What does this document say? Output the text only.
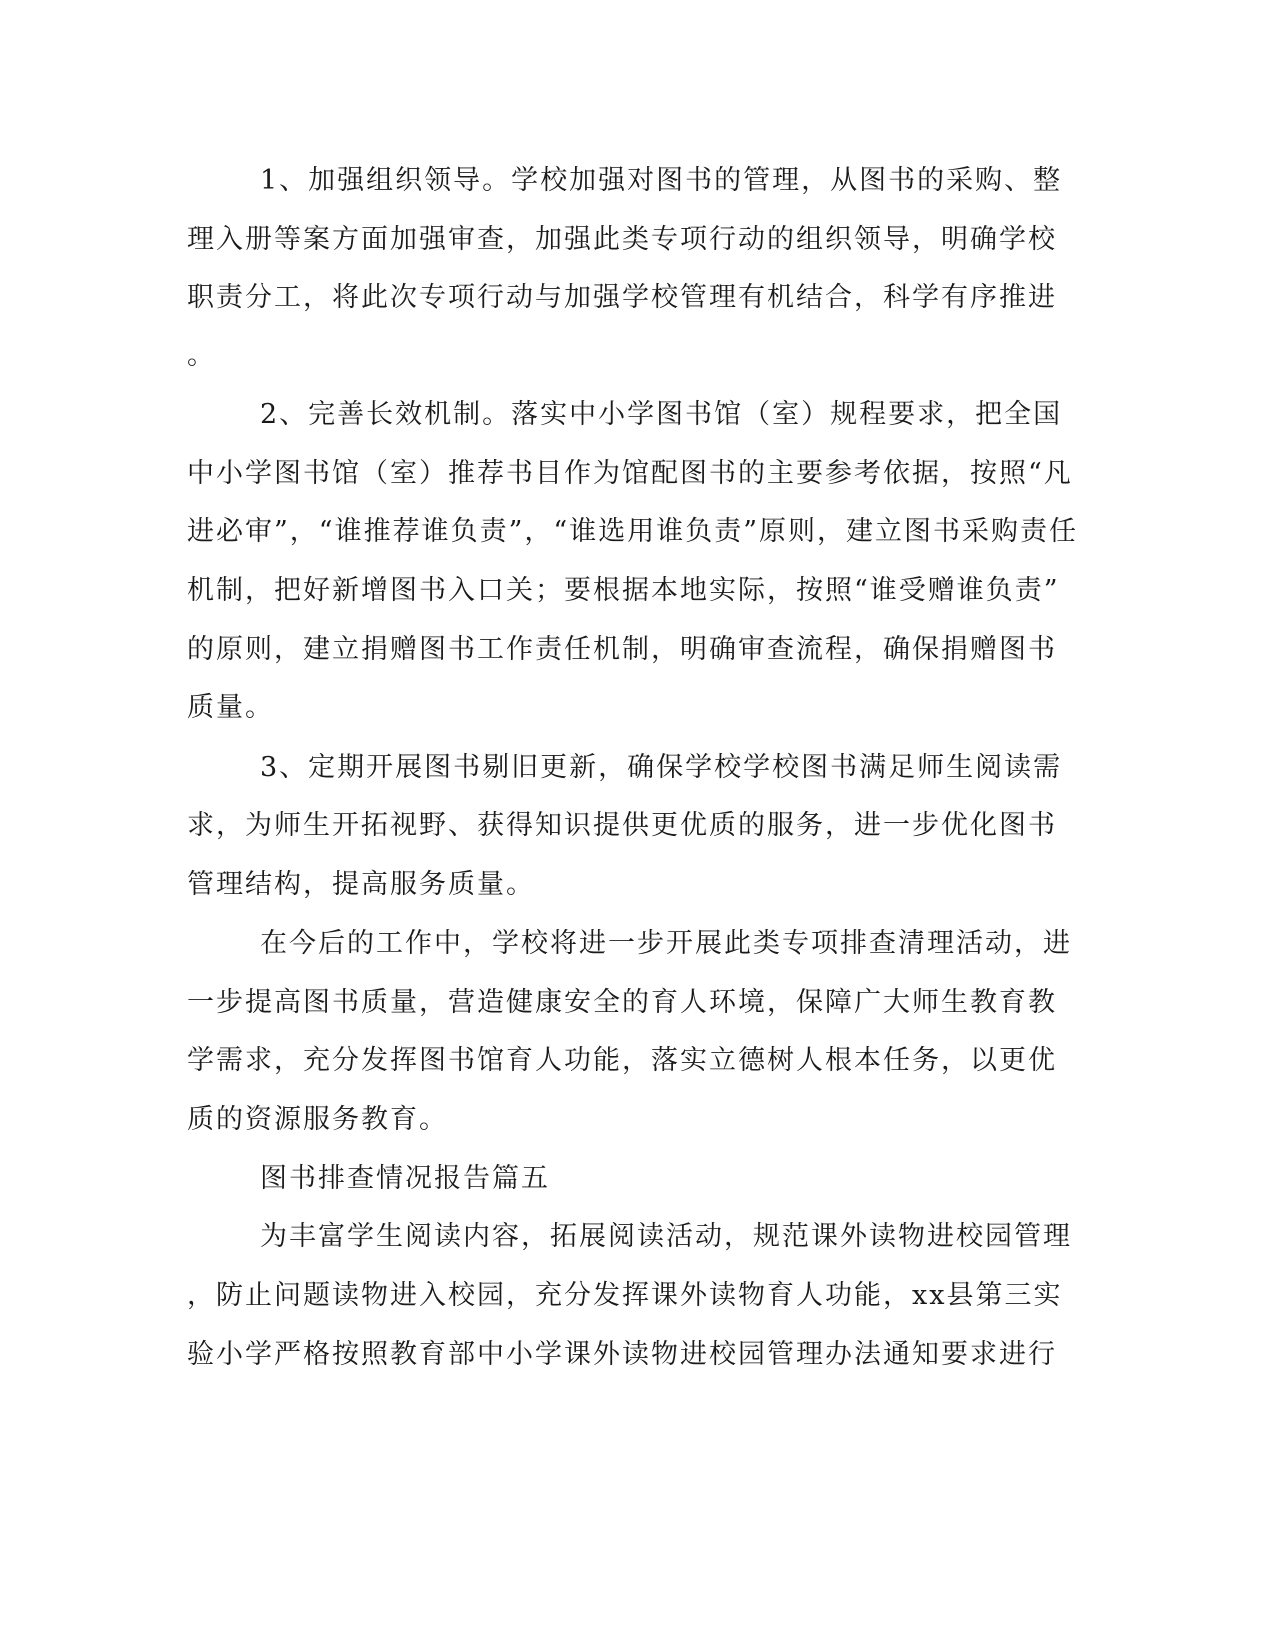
1、加强组织领导。学校加强对图书的管理，从图书的采购、整
理入册等案方面加强审查，加强此类专项行动的组织领导，明确学校
职责分工，将此次专项行动与加强学校管理有机结合，科学有序推进
。
2、完善长效机制。落实中小学图书馆（室）规程要求，把全国
中小学图书馆（室）推荐书目作为馆配图书的主要参考依据，按照“凡
进必审”，“谁推荐谁负责”，“谁选用谁负责”原则，建立图书采购责任
机制，把好新增图书入口关；要根据本地实际，按照“谁受赠谁负责”
的原则，建立捐赠图书工作责任机制，明确审查流程，确保捐赠图书
质量。
3、定期开展图书剔旧更新，确保学校学校图书满足师生阅读需
求，为师生开拓视野、获得知识提供更优质的服务，进一步优化图书
管理结构，提高服务质量。
在今后的工作中，学校将进一步开展此类专项排查清理活动，进
一步提高图书质量，营造健康安全的育人环境，保障广大师生教育教
学需求，充分发挥图书馆育人功能，落实立德树人根本任务，以更优
质的资源服务教育。
图书排查情况报告篇五
为丰富学生阅读内容，拓展阅读活动，规范课外读物进校园管理
，防止问题读物进入校园，充分发挥课外读物育人功能，xx县第三实
验小学严格按照教育部中小学课外读物进校园管理办法通知要求进行
